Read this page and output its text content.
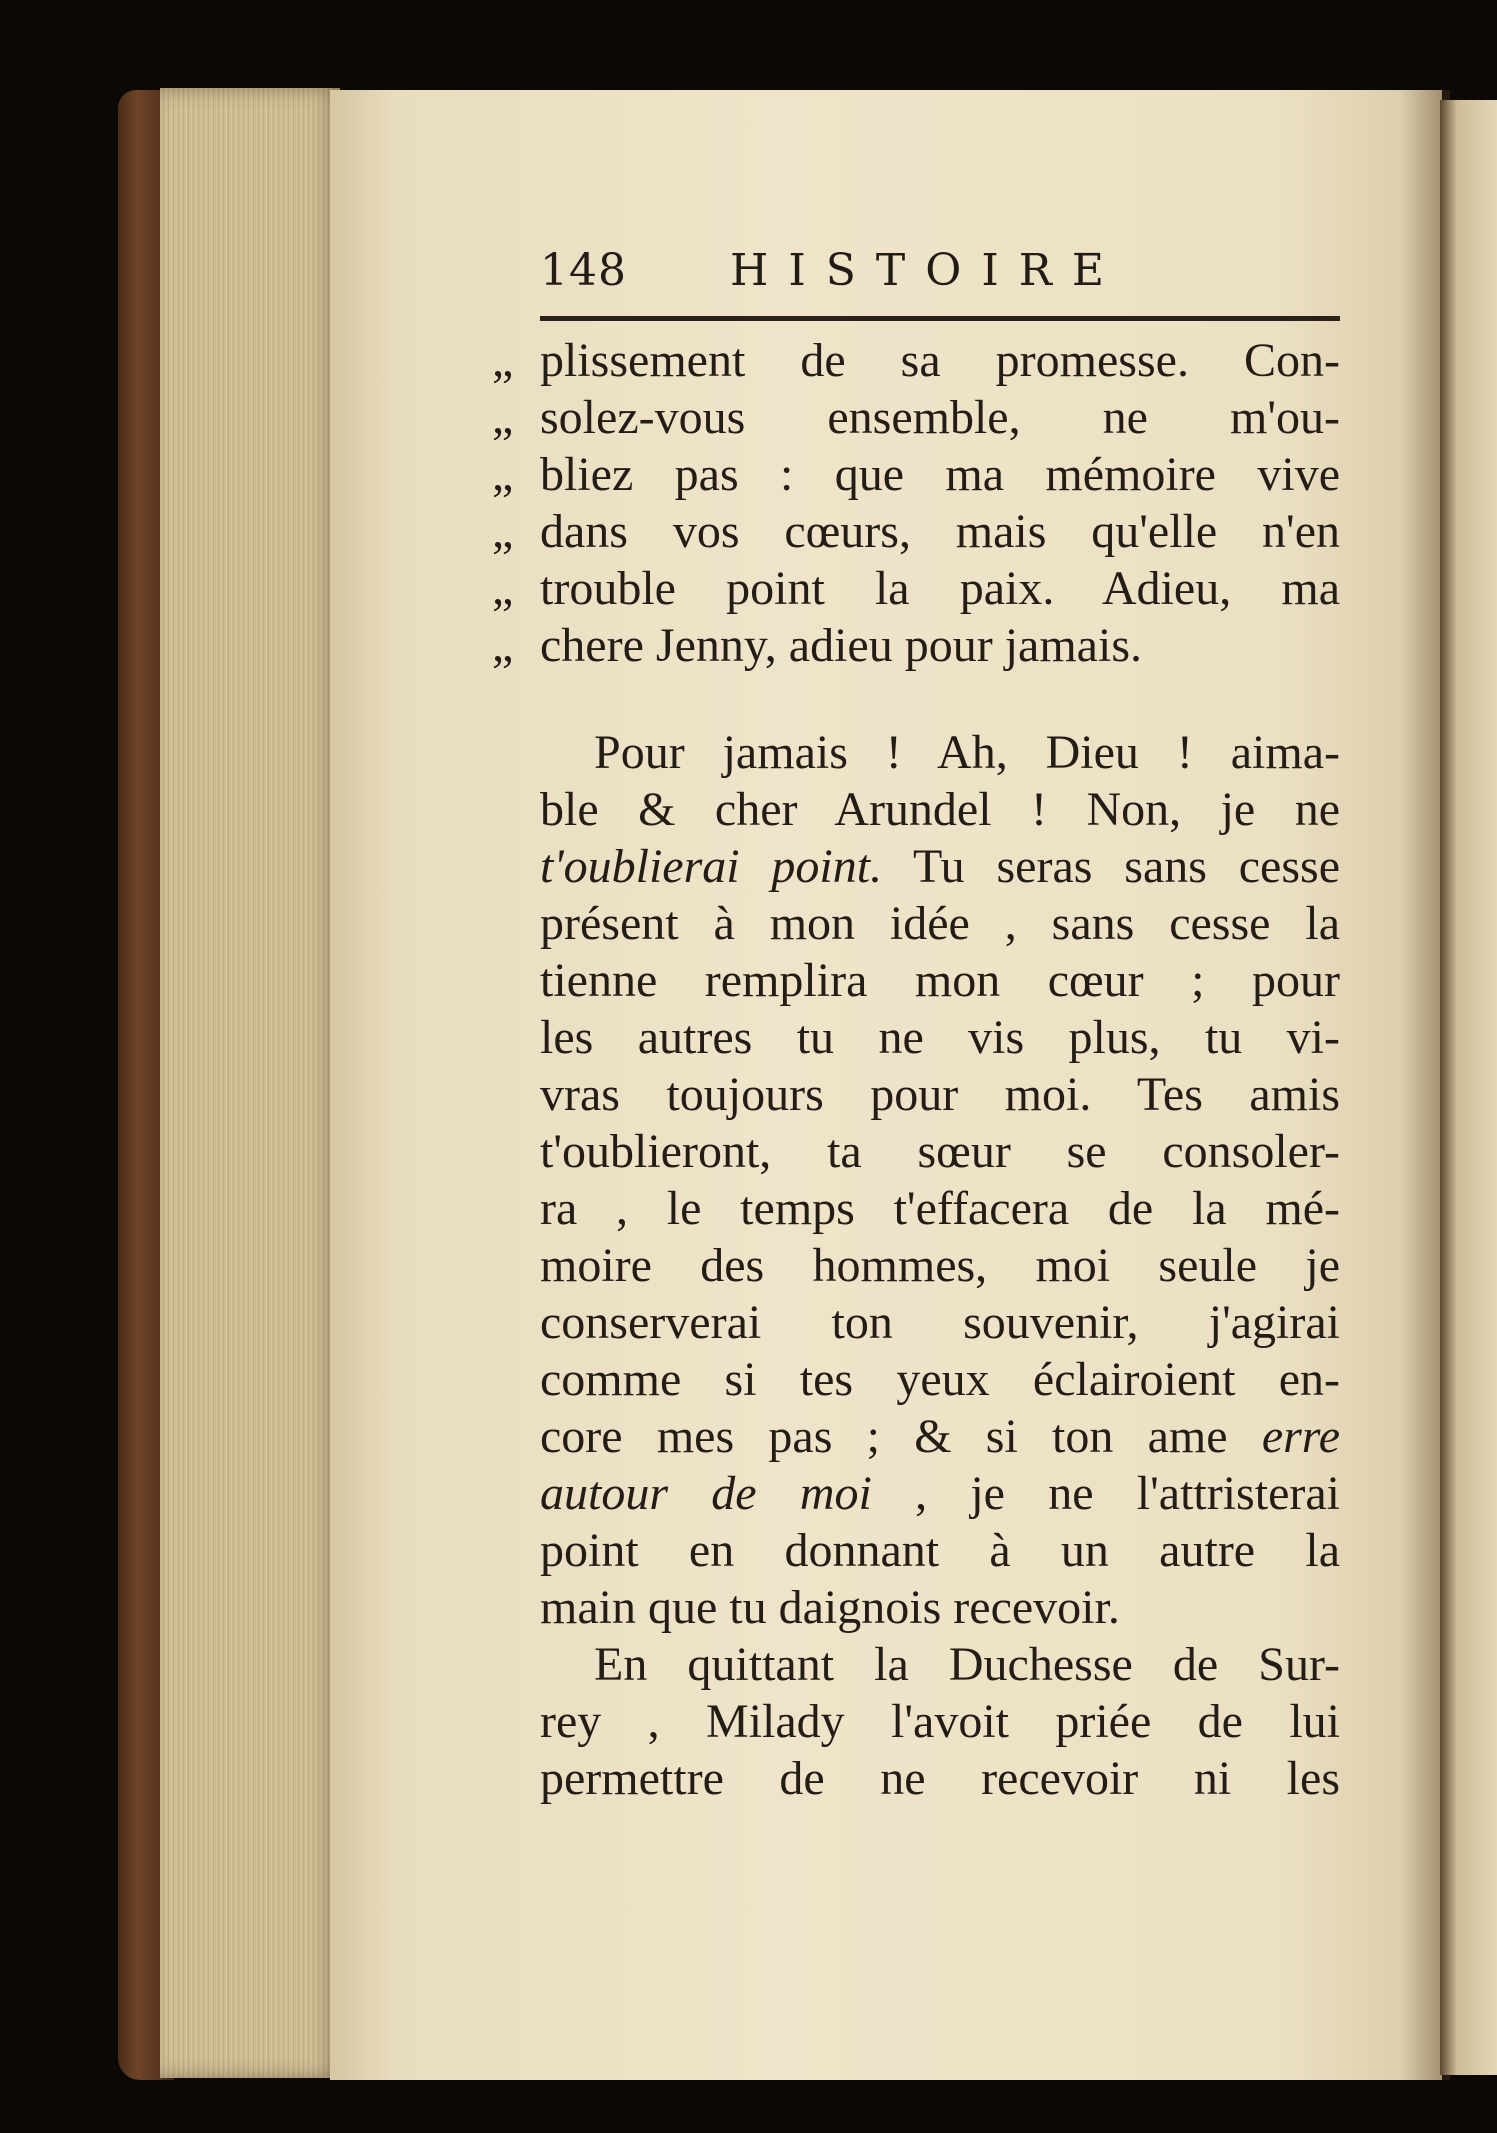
148 HISTOIRE
„ plissement de sa promesse. Con-
„ solez-vous ensemble, ne m'ou-
„ bliez pas : que ma mémoire vive
„ dans vos cœurs, mais qu'elle n'en
„ trouble point la paix. Adieu, ma
„ chere Jenny, adieu pour jamais.
Pour jamais ! Ah, Dieu ! aima-
ble & cher Arundel ! Non, je ne
t'oublierai point. Tu seras sans cesse
présent à mon idée , sans cesse la
tienne remplira mon cœur ; pour
les autres tu ne vis plus, tu vi-
vras toujours pour moi. Tes amis
t'oublieront, ta sœur se consoler-
ra , le temps t'effacera de la mé-
moire des hommes, moi seule je
conserverai ton souvenir, j'agirai
comme si tes yeux éclairoient en-
core mes pas ; & si ton ame erre
autour de moi , je ne l'attristerai
point en donnant à un autre la
main que tu daignois recevoir.
En quittant la Duchesse de Sur-
rey , Milady l'avoit priée de lui
permettre de ne recevoir ni les
